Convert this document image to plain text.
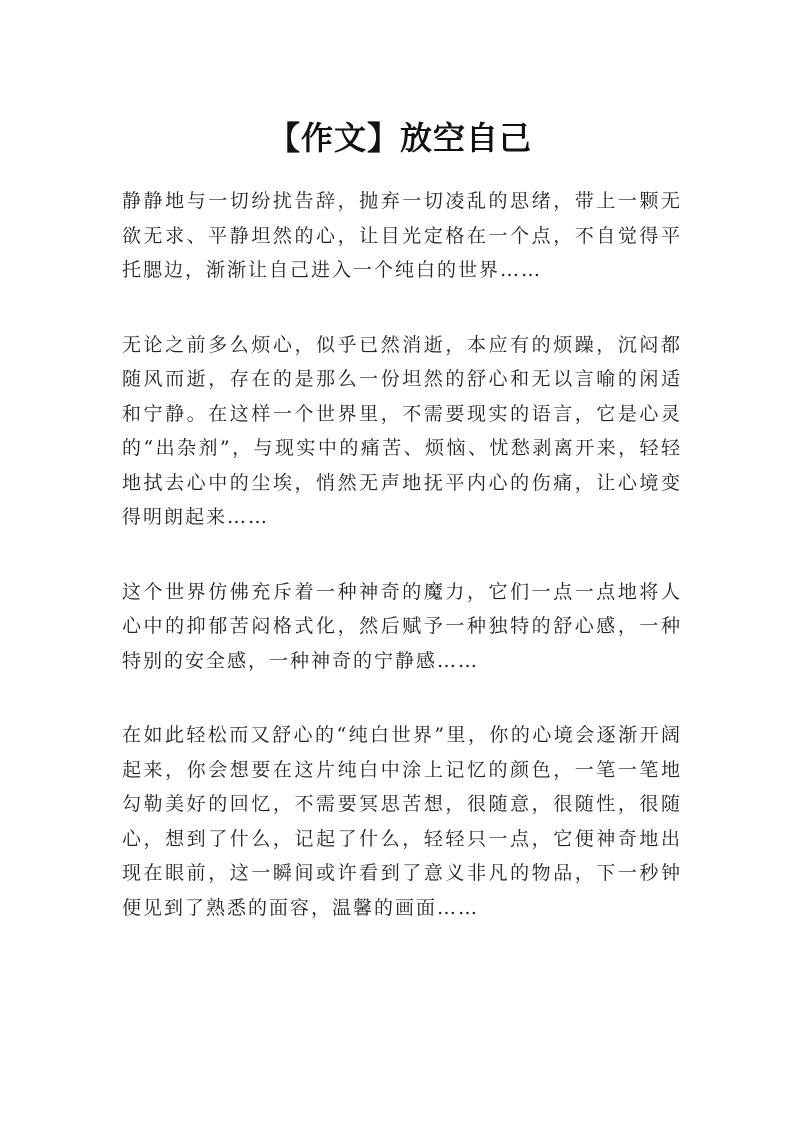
【作文】放空自己

静静地与一切纷扰告辞，抛弃一切凌乱的思绪，带上一颗无欲无求、平静坦然的心，让目光定格在一个点，不自觉得平托腮边，渐渐让自己进入一个纯白的世界……

无论之前多么烦心，似乎已然消逝，本应有的烦躁，沉闷都随风而逝，存在的是那么一份坦然的舒心和无以言喻的闲适和宁静。在这样一个世界里，不需要现实的语言，它是心灵的“出杂剂”，与现实中的痛苦、烦恼、忧愁剥离开来，轻轻地拭去心中的尘埃，悄然无声地抚平内心的伤痛，让心境变得明朗起来……

这个世界仿佛充斥着一种神奇的魔力，它们一点一点地将人心中的抑郁苦闷格式化，然后赋予一种独特的舒心感，一种特别的安全感，一种神奇的宁静感……

在如此轻松而又舒心的“纯白世界”里，你的心境会逐渐开阔起来，你会想要在这片纯白中涂上记忆的颜色，一笔一笔地勾勒美好的回忆，不需要冥思苦想，很随意，很随性，很随心，想到了什么，记起了什么，轻轻只一点，它便神奇地出现在眼前，这一瞬间或许看到了意义非凡的物品，下一秒钟便见到了熟悉的面容，温馨的画面……
